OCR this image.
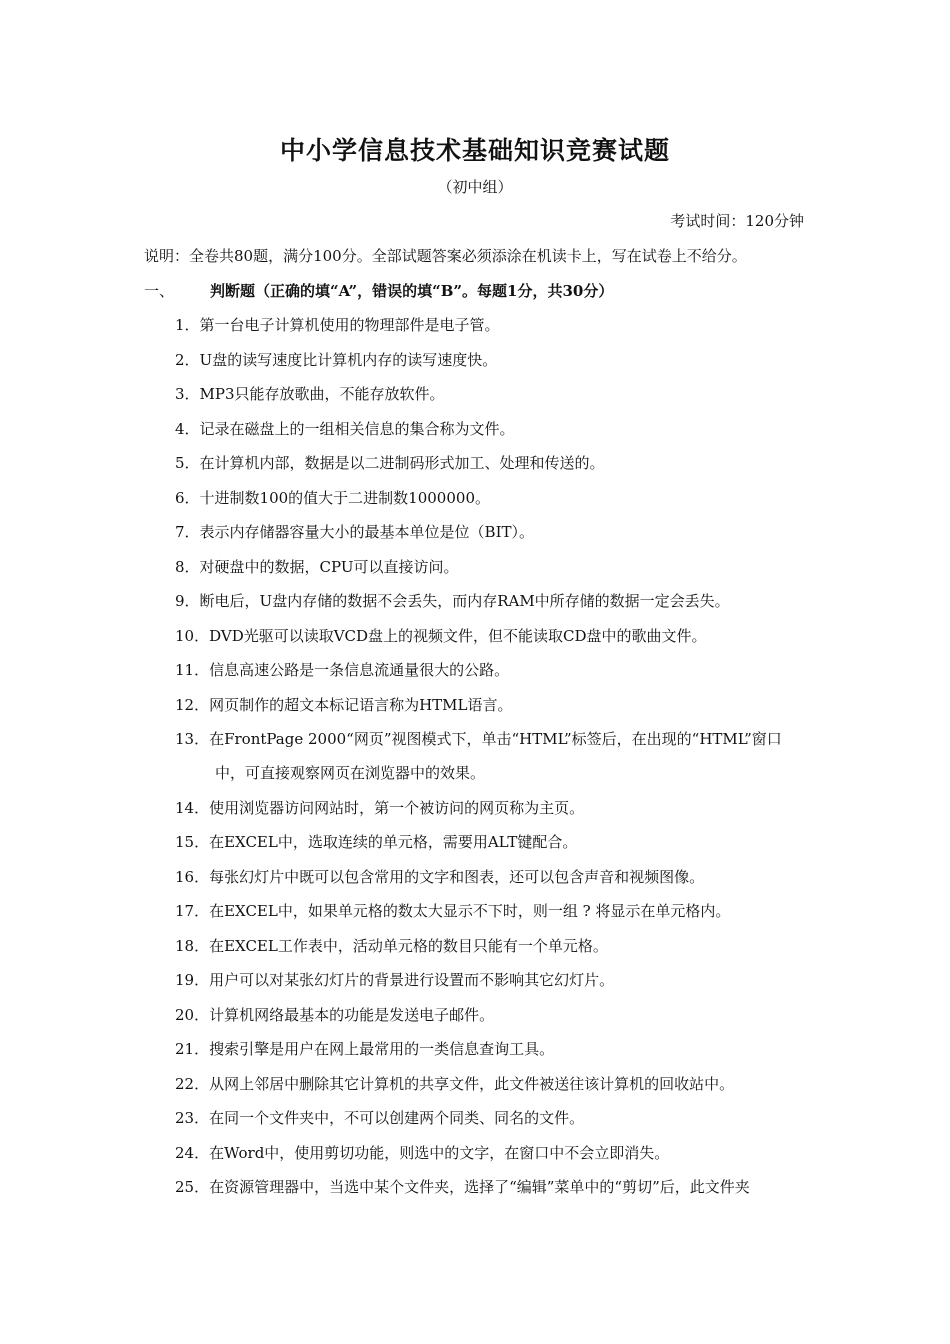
中小学信息技术基础知识竞赛试题
（初中组）
考试时间：120分钟
说明：全卷共80题，满分100分。全部试题答案必须添涂在机读卡上，写在试卷上不给分。
一、 判断题（正确的填“A”，错误的填“B”。每题1分，共30分）
1．第一台电子计算机使用的物理部件是电子管。
2．U盘的读写速度比计算机内存的读写速度快。
3．MP3只能存放歌曲，不能存放软件。
4．记录在磁盘上的一组相关信息的集合称为文件。
5．在计算机内部，数据是以二进制码形式加工、处理和传送的。
6．十进制数100的值大于二进制数1000000。
7．表示内存储器容量大小的最基本单位是位（BIT）。
8．对硬盘中的数据，CPU可以直接访问。
9．断电后，U盘内存储的数据不会丢失，而内存RAM中所存储的数据一定会丢失。
10．DVD光驱可以读取VCD盘上的视频文件，但不能读取CD盘中的歌曲文件。
11．信息高速公路是一条信息流通量很大的公路。
12．网页制作的超文本标记语言称为HTML语言。
13．在FrontPage 2000“网页”视图模式下，单击“HTML”标签后，在出现的“HTML”窗口
中，可直接观察网页在浏览器中的效果。
14．使用浏览器访问网站时，第一个被访问的网页称为主页。
15．在EXCEL中，选取连续的单元格，需要用ALT键配合。
16．每张幻灯片中既可以包含常用的文字和图表，还可以包含声音和视频图像。
17．在EXCEL中，如果单元格的数太大显示不下时，则一组 ? 将显示在单元格内。
18．在EXCEL工作表中，活动单元格的数目只能有一个单元格。
19．用户可以对某张幻灯片的背景进行设置而不影响其它幻灯片。
20．计算机网络最基本的功能是发送电子邮件。
21．搜索引擎是用户在网上最常用的一类信息查询工具。
22．从网上邻居中删除其它计算机的共享文件，此文件被送往该计算机的回收站中。
23．在同一个文件夹中，不可以创建两个同类、同名的文件。
24．在Word中，使用剪切功能，则选中的文字，在窗口中不会立即消失。
25．在资源管理器中，当选中某个文件夹，选择了“编辑”菜单中的“剪切”后，此文件夹
